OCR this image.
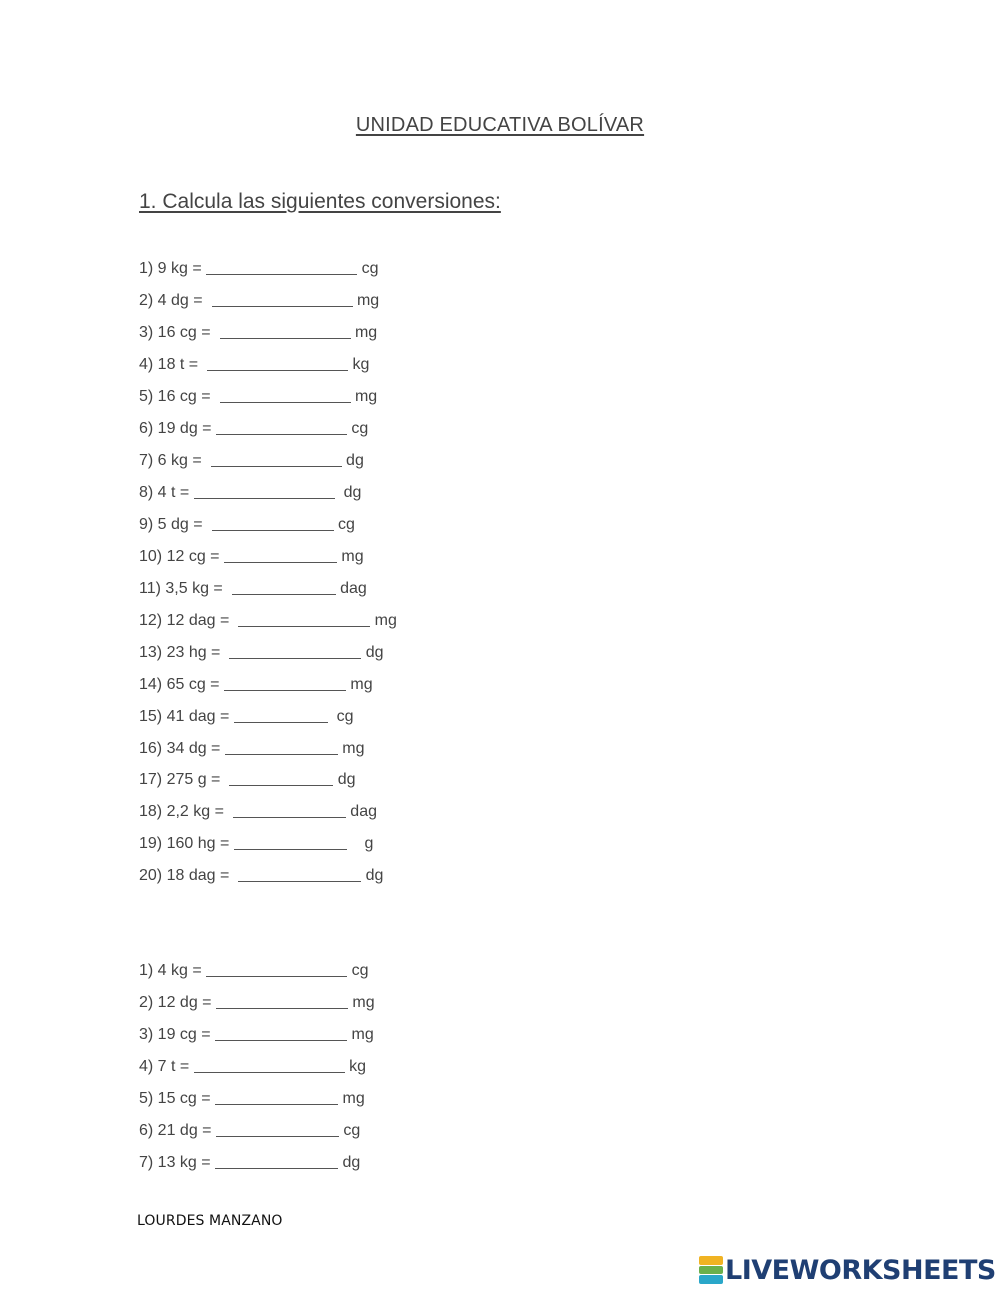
UNIDAD EDUCATIVA BOLÍVAR
1. Calcula las siguientes conversiones:
1) 9 kg =	cg
2) 4 dg =	mg
3) 16 cg =	mg
4) 18 t =	kg
5) 16 cg =	mg
6) 19 dg =	cg
7) 6 kg =	dg
8) 4 t =	dg
9) 5 dg =	cg
10) 12 cg =	mg
11) 3,5 kg =	dag
12) 12 dag =	mg
13) 23 hg =	dg
14) 65 cg =	mg
15) 41 dag =	cg
16) 34 dg =	mg
17) 275 g =	dg
18) 2,2 kg =	dag
19) 160 hg =	g
20) 18 dag =	dg
1) 4 kg =	cg
2) 12 dg =	mg
3) 19 cg =	mg
4) 7 t =	kg
5) 15 cg =	mg
6) 21 dg =	cg
7) 13 kg =	dg
LOURDES MANZANO
LIVEWORKSHEETS
